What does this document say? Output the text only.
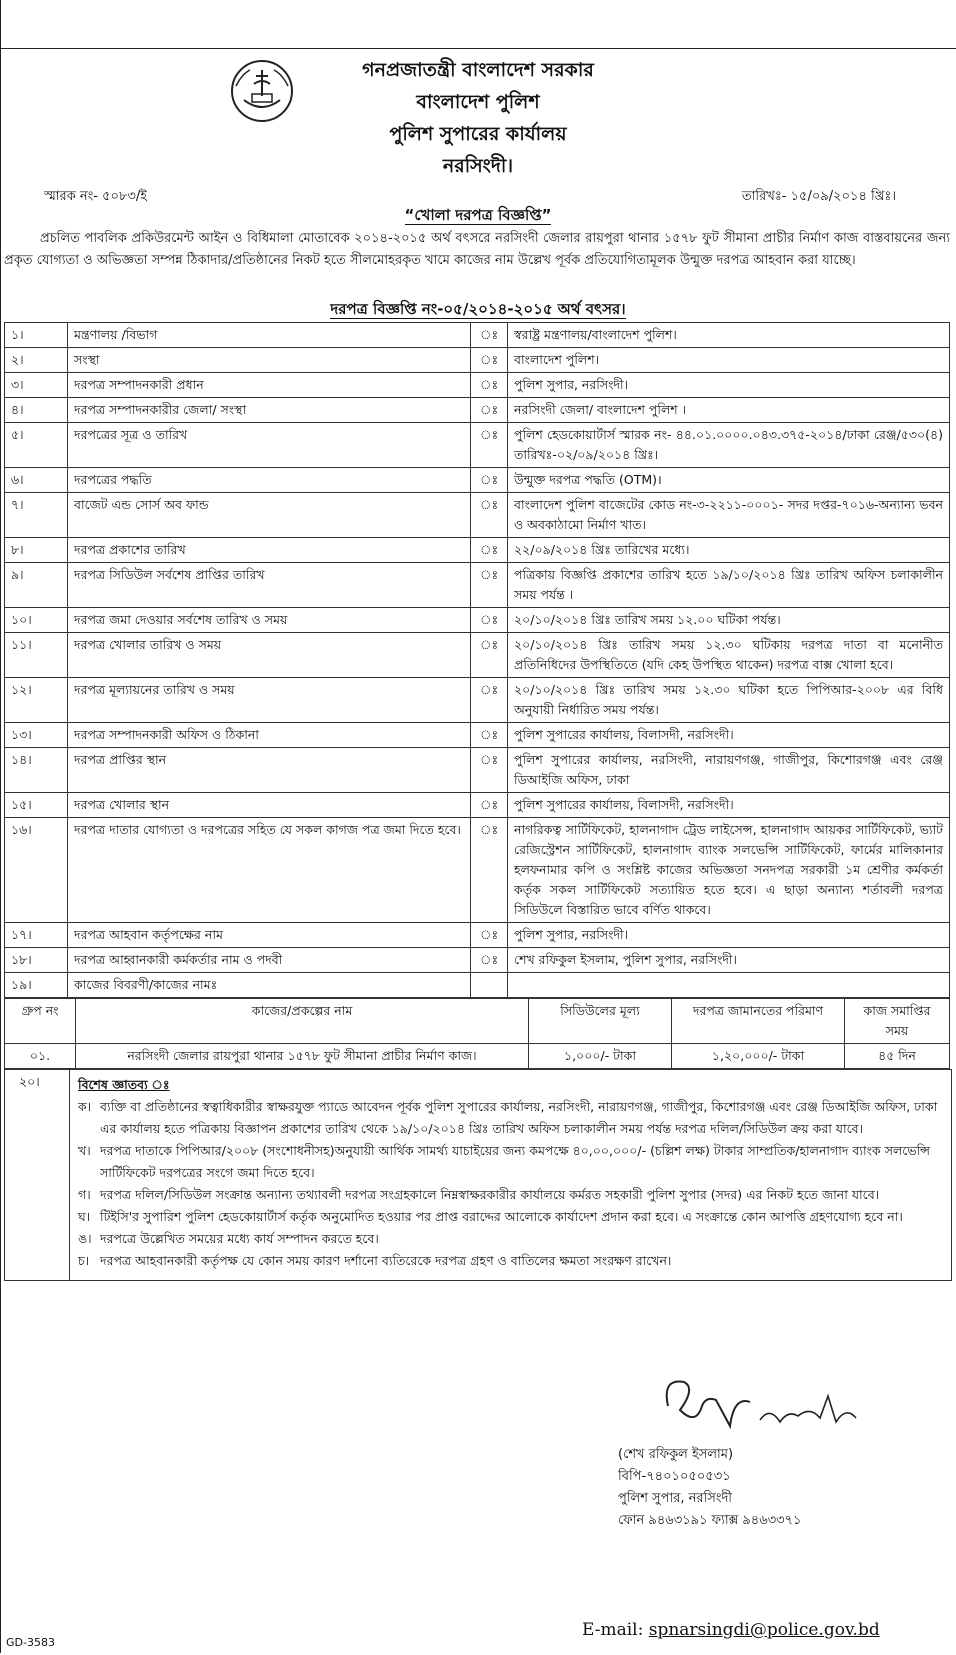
গনপ্রজাতন্ত্রী বাংলাদেশ সরকার
বাংলাদেশ পুলিশ
পুলিশ সুপারের কার্যালয়
নরসিংদী।
স্মারক নং- ৫০৮৩/ই	তারিখঃ- ১৫/০৯/২০১৪ খ্রিঃ।
“খোলা দরপত্র বিজ্ঞপ্তি”
প্রচলিত পাবলিক প্রকিউরমেন্ট আইন ও বিধিমালা মোতাবেক ২০১৪-২০১৫ অর্থ বৎসরে নরসিংদী জেলার রায়পুরা থানার ১৫৭৮ ফুট সীমানা প্রাচীর নির্মাণ কাজ বাস্তবায়নের জন্য প্রকৃত যোগ্যতা ও অভিজ্ঞতা সম্পন্ন ঠিকাদার/প্রতিষ্ঠানের নিকট হতে সীলমোহরকৃত খামে কাজের নাম উল্লেখ পূর্বক প্রতিযোগিতামূলক উন্মুক্ত দরপত্র আহবান করা যাচ্ছে।
দরপত্র বিজ্ঞপ্তি নং-০৫/২০১৪-২০১৫ অর্থ বৎসর।
১।	মন্ত্রণালয় /বিভাগ	ঃ	স্বরাষ্ট্র মন্ত্রণালয়/বাংলাদেশ পুলিশ।
২।	সংস্থা	ঃ	বাংলাদেশ পুলিশ।
৩।	দরপত্র সম্পাদনকারী প্রধান	ঃ	পুলিশ সুপার, নরসিংদী।
৪।	দরপত্র সম্পাদনকারীর জেলা/ সংস্থা	ঃ	নরসিংদী জেলা/ বাংলাদেশ পুলিশ ।
৫।	দরপত্রের সূত্র ও তারিখ	ঃ	পুলিশ হেডকোয়ার্টার্স স্মারক নং- ৪৪.০১.০০০০.০৪৩.৩৭৫-২০১৪/ঢাকা রেঞ্জ/৫৩০(৪) তারিখঃ-০২/০৯/২০১৪ খ্রিঃ।
৬।	দরপত্রের পদ্ধতি	ঃ	উন্মুক্ত দরপত্র পদ্ধতি (OTM)।
৭।	বাজেট এন্ড সোর্স অব ফান্ড	ঃ	বাংলাদেশ পুলিশ বাজেটের কোড নং-৩-২২১১-০০০১- সদর দপ্তর-৭০১৬-অন্যান্য ভবন ও অবকাঠামো নির্মাণ খাত।
৮।	দরপত্র প্রকাশের তারিখ	ঃ	২২/০৯/২০১৪ খ্রিঃ তারিখের মধ্যে।
৯।	দরপত্র সিডিউল সর্বশেষ প্রাপ্তির তারিখ	ঃ	পত্রিকায় বিজ্ঞপ্তি প্রকাশের তারিখ হতে ১৯/১০/২০১৪ খ্রিঃ তারিখ অফিস চলাকালীন সময় পর্যন্ত ।
১০।	দরপত্র জমা দেওয়ার সর্বশেষ তারিখ ও সময়	ঃ	২০/১০/২০১৪ খ্রিঃ তারিখ সময় ১২.০০ ঘটিকা পর্যন্ত।
১১।	দরপত্র খোলার তারিখ ও সময়	ঃ	২০/১০/২০১৪ খ্রিঃ তারিখ সময় ১২.৩০ ঘটিকায় দরপত্র দাতা বা মনোনীত প্রতিনিধিদের উপস্থিতিতে (যদি কেহ উপস্থিত থাকেন) দরপত্র বাক্স খোলা হবে।
১২।	দরপত্র মূল্যায়নের তারিখ ও সময়	ঃ	২০/১০/২০১৪ খ্রিঃ তারিখ সময় ১২.৩০ ঘটিকা হতে পিপিআর-২০০৮ এর বিধি অনুযায়ী নির্ধারিত সময় পর্যন্ত।
১৩।	দরপত্র সম্পাদনকারী অফিস ও ঠিকানা	ঃ	পুলিশ সুপারের কার্যালয়, বিলাসদী, নরসিংদী।
১৪।	দরপত্র প্রাপ্তির স্থান	ঃ	পুলিশ সুপারের কার্যালয়, নরসিংদী, নারায়ণগঞ্জ, গাজীপুর, কিশোরগঞ্জ এবং রেঞ্জ ডিআইজি অফিস, ঢাকা
১৫।	দরপত্র খোলার স্থান	ঃ	পুলিশ সুপারের কার্যালয়, বিলাসদী, নরসিংদী।
১৬।	দরপত্র দাতার যোগ্যতা ও দরপত্রের সহিত যে সকল কাগজ পত্র জমা দিতে হবে।	ঃ	নাগরিকত্ব সার্টিফিকেট, হালনাগাদ ট্রেড লাইসেন্স, হালনাগাদ আয়কর সার্টিফিকেট, ভ্যাট রেজিস্ট্রেশন সার্টিফিকেট, হালনাগাদ ব্যাংক সলভেন্সি সার্টিফিকেট, ফার্মের মালিকানার হলফনামার কপি ও সংশ্লিষ্ট কাজের অভিজ্ঞতা সনদপত্র সরকারী ১ম শ্রেণীর কর্মকর্তা কর্তৃক সকল সার্টিফিকেট সত্যায়িত হতে হবে। এ ছাড়া অন্যান্য শর্তাবলী দরপত্র সিডিউলে বিস্তারিত ভাবে বর্ণিত থাকবে।
১৭।	দরপত্র আহবান কর্তৃপক্ষের নাম	ঃ	পুলিশ সুপার, নরসিংদী।
১৮।	দরপত্র আহ্বানকারী কর্মকর্তার নাম ও পদবী	ঃ	শেখ রফিকুল ইসলাম, পুলিশ সুপার, নরসিংদী।
১৯।	কাজের বিবরণী/কাজের নামঃ		
গ্রুপ নং	কাজের/প্রকল্পের নাম	সিডিউলের মূল্য	দরপত্র জামানতের পরিমাণ	কাজ সমাপ্তির সময়
০১.	নরসিংদী জেলার রায়পুরা থানার ১৫৭৮ ফুট সীমানা প্রাচীর নির্মাণ কাজ।	১,০০০/- টাকা	১,২০,০০০/- টাকা	৪৫ দিন
২০।	বিশেষ জ্ঞাতব্য ঃ
ক। ব্যক্তি বা প্রতিষ্ঠানের স্বত্বাধিকারীর স্বাক্ষরযুক্ত প্যাডে আবেদন পূর্বক পুলিশ সুপারের কার্যালয়, নরসিংদী, নারায়ণগঞ্জ, গাজীপুর, কিশোরগঞ্জ এবং রেঞ্জ ডিআইজি অফিস, ঢাকা এর কার্যালয় হতে পত্রিকায় বিজ্ঞাপন প্রকাশের তারিখ থেকে ১৯/১০/২০১৪ খ্রিঃ তারিখ অফিস চলাকালীন সময় পর্যন্ত দরপত্র দলিল/সিডিউল ক্রয় করা যাবে।
খ। দরপত্র দাতাকে পিপিআর/২০০৮ (সংশোধনীসহ)অনুযায়ী আর্থিক সামর্থ্য যাচাইয়ের জন্য কমপক্ষে ৪০,০০,০০০/- (চল্লিশ লক্ষ) টাকার সাম্প্রতিক/হালনাগাদ ব্যাংক সলভেন্সি সার্টিফিকেট দরপত্রের সংগে জমা দিতে হবে।
গ। দরপত্র দলিল/সিডিউল সংক্রান্ত অন্যান্য তথ্যাবলী দরপত্র সংগ্রহকালে নিম্নস্বাক্ষরকারীর কার্যালয়ে কর্মরত সহকারী পুলিশ সুপার (সদর) এর নিকট হতে জানা যাবে।
ঘ। টিইসি'র সুপারিশ পুলিশ হেডকোয়ার্টার্স কর্তৃক অনুমোদিত হওয়ার পর প্রাপ্ত বরাদ্দের আলোকে কার্যাদেশ প্রদান করা হবে। এ সংক্রান্তে কোন আপত্তি গ্রহণযোগ্য হবে না।
ঙ। দরপত্রে উল্লেখিত সময়ের মধ্যে কার্য সম্পাদন করতে হবে।
চ। দরপত্র আহবানকারী কর্তৃপক্ষ যে কোন সময় কারণ দর্শানো ব্যতিরেকে দরপত্র গ্রহণ ও বাতিলের ক্ষমতা সংরক্ষণ রাখেন।
(শেখ রফিকুল ইসলাম)
বিপি-৭৪০১০৫০৫৩১
পুলিশ সুপার, নরসিংদী
ফোন ৯৪৬৩১৯১ ফ্যাক্স ৯৪৬৩৩৭১
E-mail: spnarsingdi@police.gov.bd
GD-3583
